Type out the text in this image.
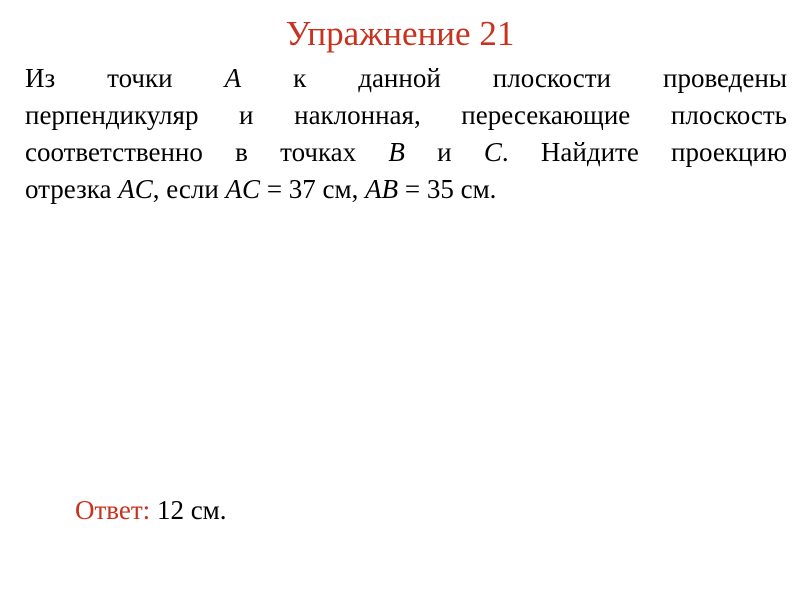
Упражнение 21
Из точки A к данной плоскости проведены
перпендикуляр и наклонная, пересекающие плоскость
соответственно в точках B и C. Найдите проекцию
отрезка AC, если AC = 37 см, AB = 35 см.
Ответ: 12 см.
